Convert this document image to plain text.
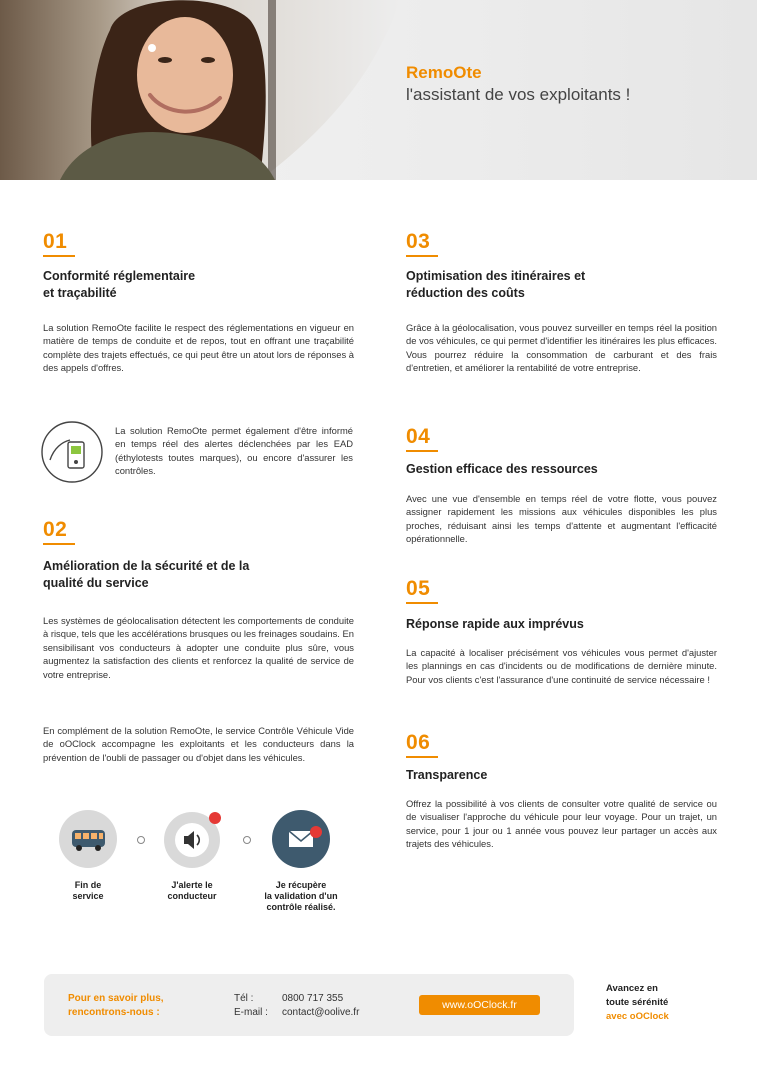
RemoOte
l'assistant de vos exploitants !
01
Conformité réglementaire
et traçabilité
La solution RemoOte facilite le respect des réglementations en vigueur en matière de temps de conduite et de repos, tout en offrant une traçabilité complète des trajets effectués, ce qui peut être un atout lors de réponses à des appels d'offres.
La solution RemoOte permet également d'être informé en temps réel des alertes déclenchées par les EAD (éthylotests toutes marques), ou encore d'assurer les contrôles.
02
Amélioration de la sécurité et de la
qualité du service
Les systèmes de géolocalisation détectent les comportements de conduite à risque, tels que les accélérations brusques ou les freinages soudains. En sensibilisant vos conducteurs à adopter une conduite plus sûre, vous augmentez la satisfaction des clients et renforcez la qualité de service de votre entreprise.
En complément de la solution RemoOte, le service Contrôle Véhicule Vide de oOClock accompagne les exploitants et les conducteurs dans la prévention de l'oubli de passager ou d'objet dans les véhicules.
Fin de
service
J'alerte le
conducteur
Je récupère
la validation d'un
contrôle réalisé.
03
Optimisation des itinéraires et
réduction des coûts
Grâce à la géolocalisation, vous pouvez surveiller en temps réel la position de vos véhicules, ce qui permet d'identifier les itinéraires les plus efficaces. Vous pourrez réduire la consommation de carburant et des frais d'entretien, et améliorer la rentabilité de votre entreprise.
04
Gestion efficace des ressources
Avec une vue d'ensemble en temps réel de votre flotte, vous pouvez assigner rapidement les missions aux véhicules disponibles les plus proches, réduisant ainsi les temps d'attente et augmentant l'efficacité opérationnelle.
05
Réponse rapide aux imprévus
La capacité à localiser précisément vos véhicules vous permet d'ajuster les plannings en cas d'incidents ou de modifications de dernière minute. Pour vos clients c'est l'assurance d'une continuité de service nécessaire !
06
Transparence
Offrez la possibilité à vos clients de consulter votre qualité de service ou de visualiser l'approche du véhicule pour leur voyage. Pour un trajet, un service, pour 1 jour ou 1 année vous pouvez leur partager un accès aux trajets des véhicules.
Pour en savoir plus,
rencontrons-nous :
Tél :	0800 717 355
E-mail : contact@oolive.fr
www.oOClock.fr
Avancez en
toute sérénité
avec oOClock
